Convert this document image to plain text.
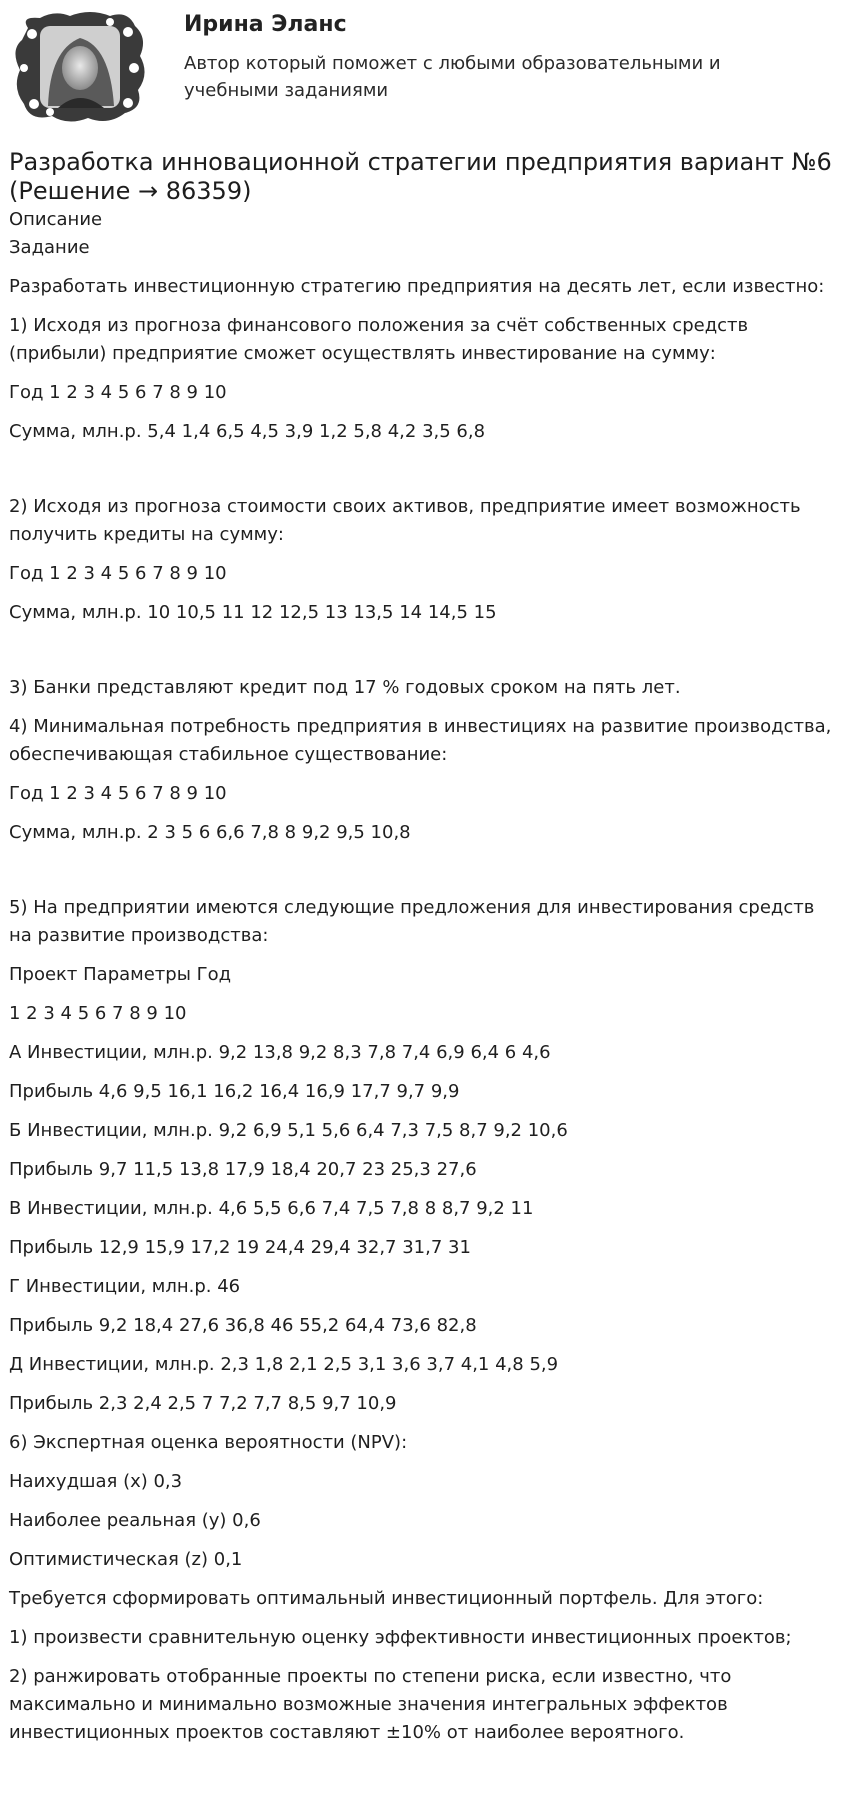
Ирина Эланс

Автор который поможет с любыми образовательными и учебными заданиями

Разработка инновационной стратегии предприятия вариант №6 (Решение → 86359)

Описание

Задание

Разработать инвестиционную стратегию предприятия на десять лет, если известно:

1) Исходя из прогноза финансового положения за счёт собственных средств (прибыли) предприятие сможет осуществлять инвестирование на сумму:

Год 1 2 3 4 5 6 7 8 9 10

Сумма, млн.р. 5,4 1,4 6,5 4,5 3,9 1,2 5,8 4,2 3,5 6,8

2) Исходя из прогноза стоимости своих активов, предприятие имеет возможность получить кредиты на сумму:

Год 1 2 3 4 5 6 7 8 9 10

Сумма, млн.р. 10 10,5 11 12 12,5 13 13,5 14 14,5 15

3) Банки представляют кредит под 17 % годовых сроком на пять лет.

4) Минимальная потребность предприятия в инвестициях на развитие производства, обеспечивающая стабильное существование:

Год 1 2 3 4 5 6 7 8 9 10

Сумма, млн.р. 2 3 5 6 6,6 7,8 8 9,2 9,5 10,8

5) На предприятии имеются следующие предложения для инвестирования средств на развитие производства:

Проект Параметры Год

1 2 3 4 5 6 7 8 9 10

А Инвестиции, млн.р. 9,2 13,8 9,2 8,3 7,8 7,4 6,9 6,4 6 4,6

Прибыль 4,6 9,5 16,1 16,2 16,4 16,9 17,7 9,7 9,9

Б Инвестиции, млн.р. 9,2 6,9 5,1 5,6 6,4 7,3 7,5 8,7 9,2 10,6

Прибыль 9,7 11,5 13,8 17,9 18,4 20,7 23 25,3 27,6

В Инвестиции, млн.р. 4,6 5,5 6,6 7,4 7,5 7,8 8 8,7 9,2 11

Прибыль 12,9 15,9 17,2 19 24,4 29,4 32,7 31,7 31

Г Инвестиции, млн.р. 46

Прибыль 9,2 18,4 27,6 36,8 46 55,2 64,4 73,6 82,8

Д Инвестиции, млн.р. 2,3 1,8 2,1 2,5 3,1 3,6 3,7 4,1 4,8 5,9

Прибыль 2,3 2,4 2,5 7 7,2 7,7 8,5 9,7 10,9

6) Экспертная оценка вероятности (NPV):

Наихудшая (x) 0,3

Наиболее реальная (y) 0,6

Оптимистическая (z) 0,1

Требуется сформировать оптимальный инвестиционный портфель. Для этого:

1) произвести сравнительную оценку эффективности инвестиционных проектов;

2) ранжировать отобранные проекты по степени риска, если известно, что максимально и минимально возможные значения интегральных эффектов инвестиционных проектов составляют ±10% от наиболее вероятного.
